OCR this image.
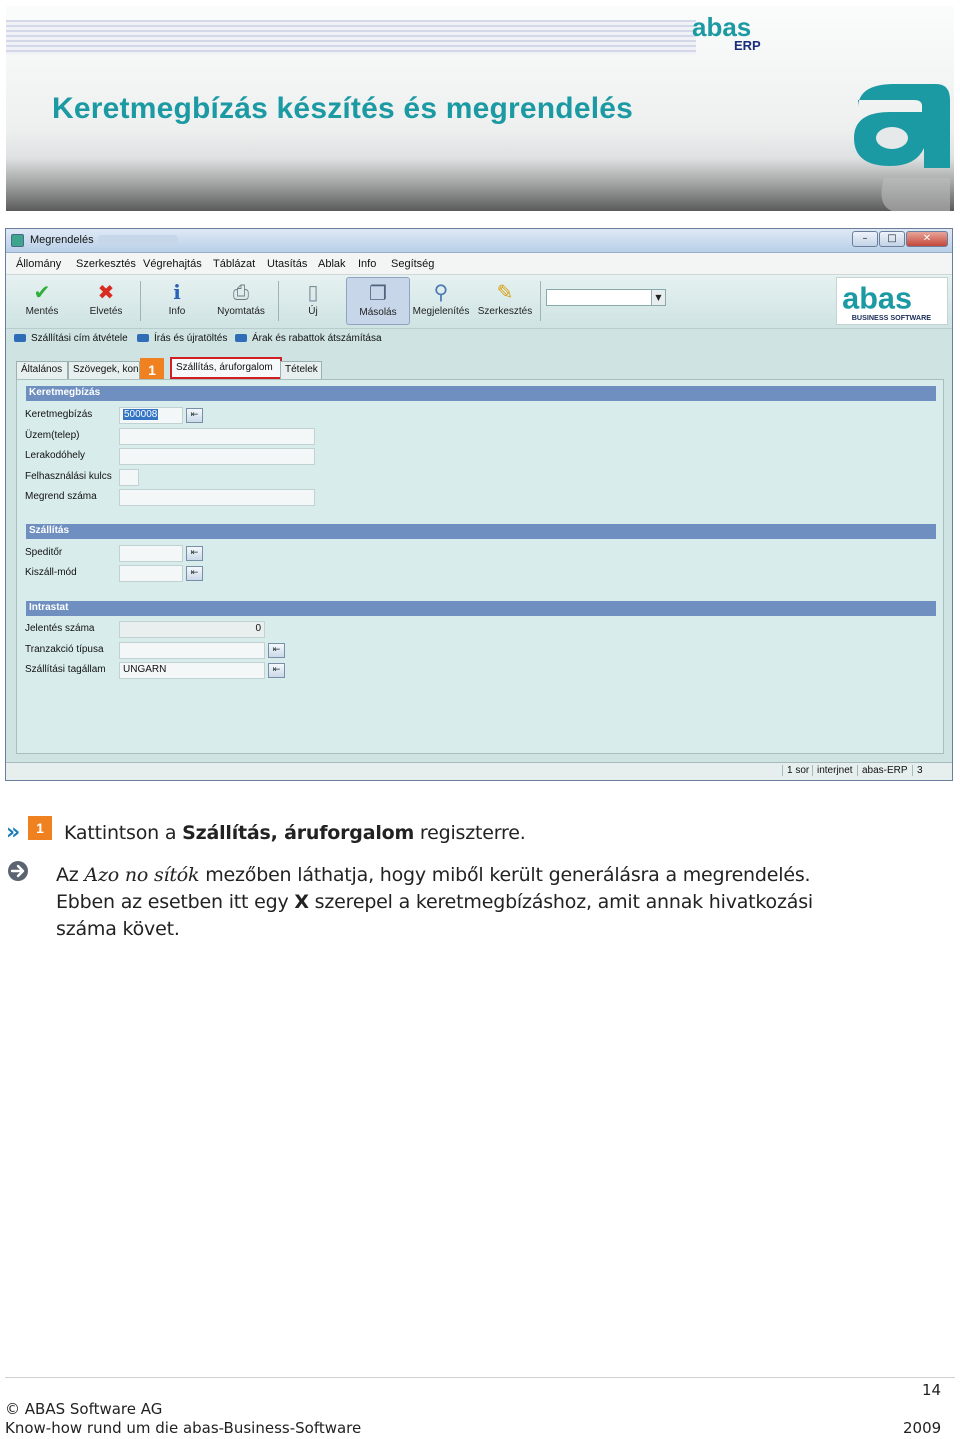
Keretmegbízás készítés és megrendelés
abas
ERP
Megrendelés	–	□	✕
Állomány Szerkesztés Végrehajtás Táblázat Utasítás Ablak Info Segítség
✔
Mentés
✖
Elvetés
i
Info
⎙
Nyomtatás
▯
Új
❐
Másolás
⚲
Megjelenítés
✎
Szerkesztés
▼	abas
BUSINESS SOFTWARE
Szállítási cím átvétele	Írás és újratöltés	Árak és rabattok átszámítása
Általános	Szövegek, kon	Szállítás, áruforgalom	Tételek
1
Keretmegbízás
Keretmegbízás	500008	⇤
Üzem(telep)
Lerakodóhely
Felhasználási kulcs
Megrend száma
Szállítás
Speditőr	⇤
Kiszáll-mód	⇤
Intrastat
Jelentés száma	0
Tranzakció típusa	⇤
Szállítási tagállam	UNGARN	⇤
1 sor interjnet abas-ERP 3
»	1	Kattintson a Szállítás, áruforgalom regiszterre.
Az Azo no sítók mezőben láthatja, hogy miből került generálásra a megrendelés.
Ebben az esetben itt egy X szerepel a keretmegbízáshoz, amit annak hivatkozási
száma követ.
14
© ABAS Software AG
Know-how rund um die abas-Business-Software	2009
